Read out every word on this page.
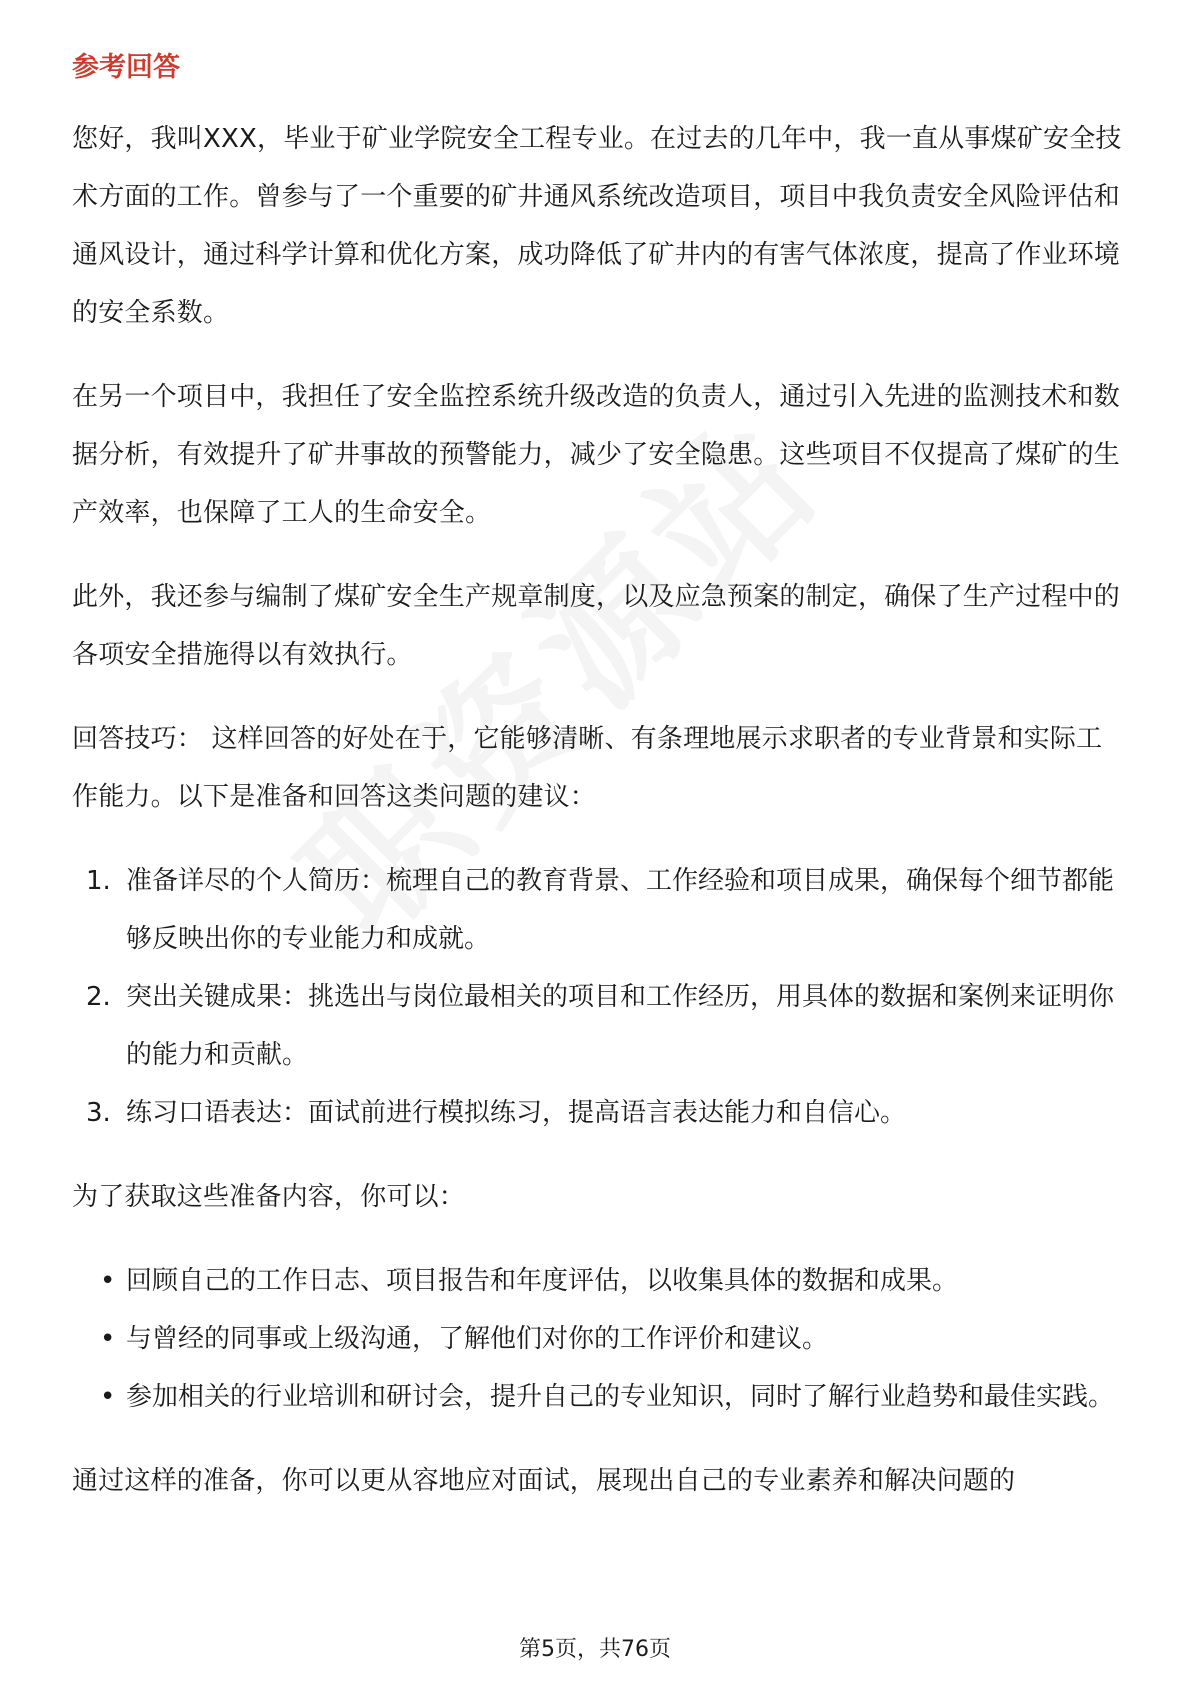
参考回答

您好，我叫XXX，毕业于矿业学院安全工程专业。在过去的几年中，我一直从事煤矿安全技术方面的工作。曾参与了一个重要的矿井通风系统改造项目，项目中我负责安全风险评估和通风设计，通过科学计算和优化方案，成功降低了矿井内的有害气体浓度，提高了作业环境的安全系数。

在另一个项目中，我担任了安全监控系统升级改造的负责人，通过引入先进的监测技术和数据分析，有效提升了矿井事故的预警能力，减少了安全隐患。这些项目不仅提高了煤矿的生产效率，也保障了工人的生命安全。

此外，我还参与编制了煤矿安全生产规章制度，以及应急预案的制定，确保了生产过程中的各项安全措施得以有效执行。

回答技巧： 这样回答的好处在于，它能够清晰、有条理地展示求职者的专业背景和实际工作能力。以下是准备和回答这类问题的建议：

1. 准备详尽的个人简历：梳理自己的教育背景、工作经验和项目成果，确保每个细节都能够反映出你的专业能力和成就。
2. 突出关键成果：挑选出与岗位最相关的项目和工作经历，用具体的数据和案例来证明你的能力和贡献。
3. 练习口语表达：面试前进行模拟练习，提高语言表达能力和自信心。

为了获取这些准备内容，你可以：

• 回顾自己的工作日志、项目报告和年度评估，以收集具体的数据和成果。
• 与曾经的同事或上级沟通，了解他们对你的工作评价和建议。
• 参加相关的行业培训和研讨会，提升自己的专业知识，同时了解行业趋势和最佳实践。

通过这样的准备，你可以更从容地应对面试，展现出自己的专业素养和解决问题的

第5页，共76页
